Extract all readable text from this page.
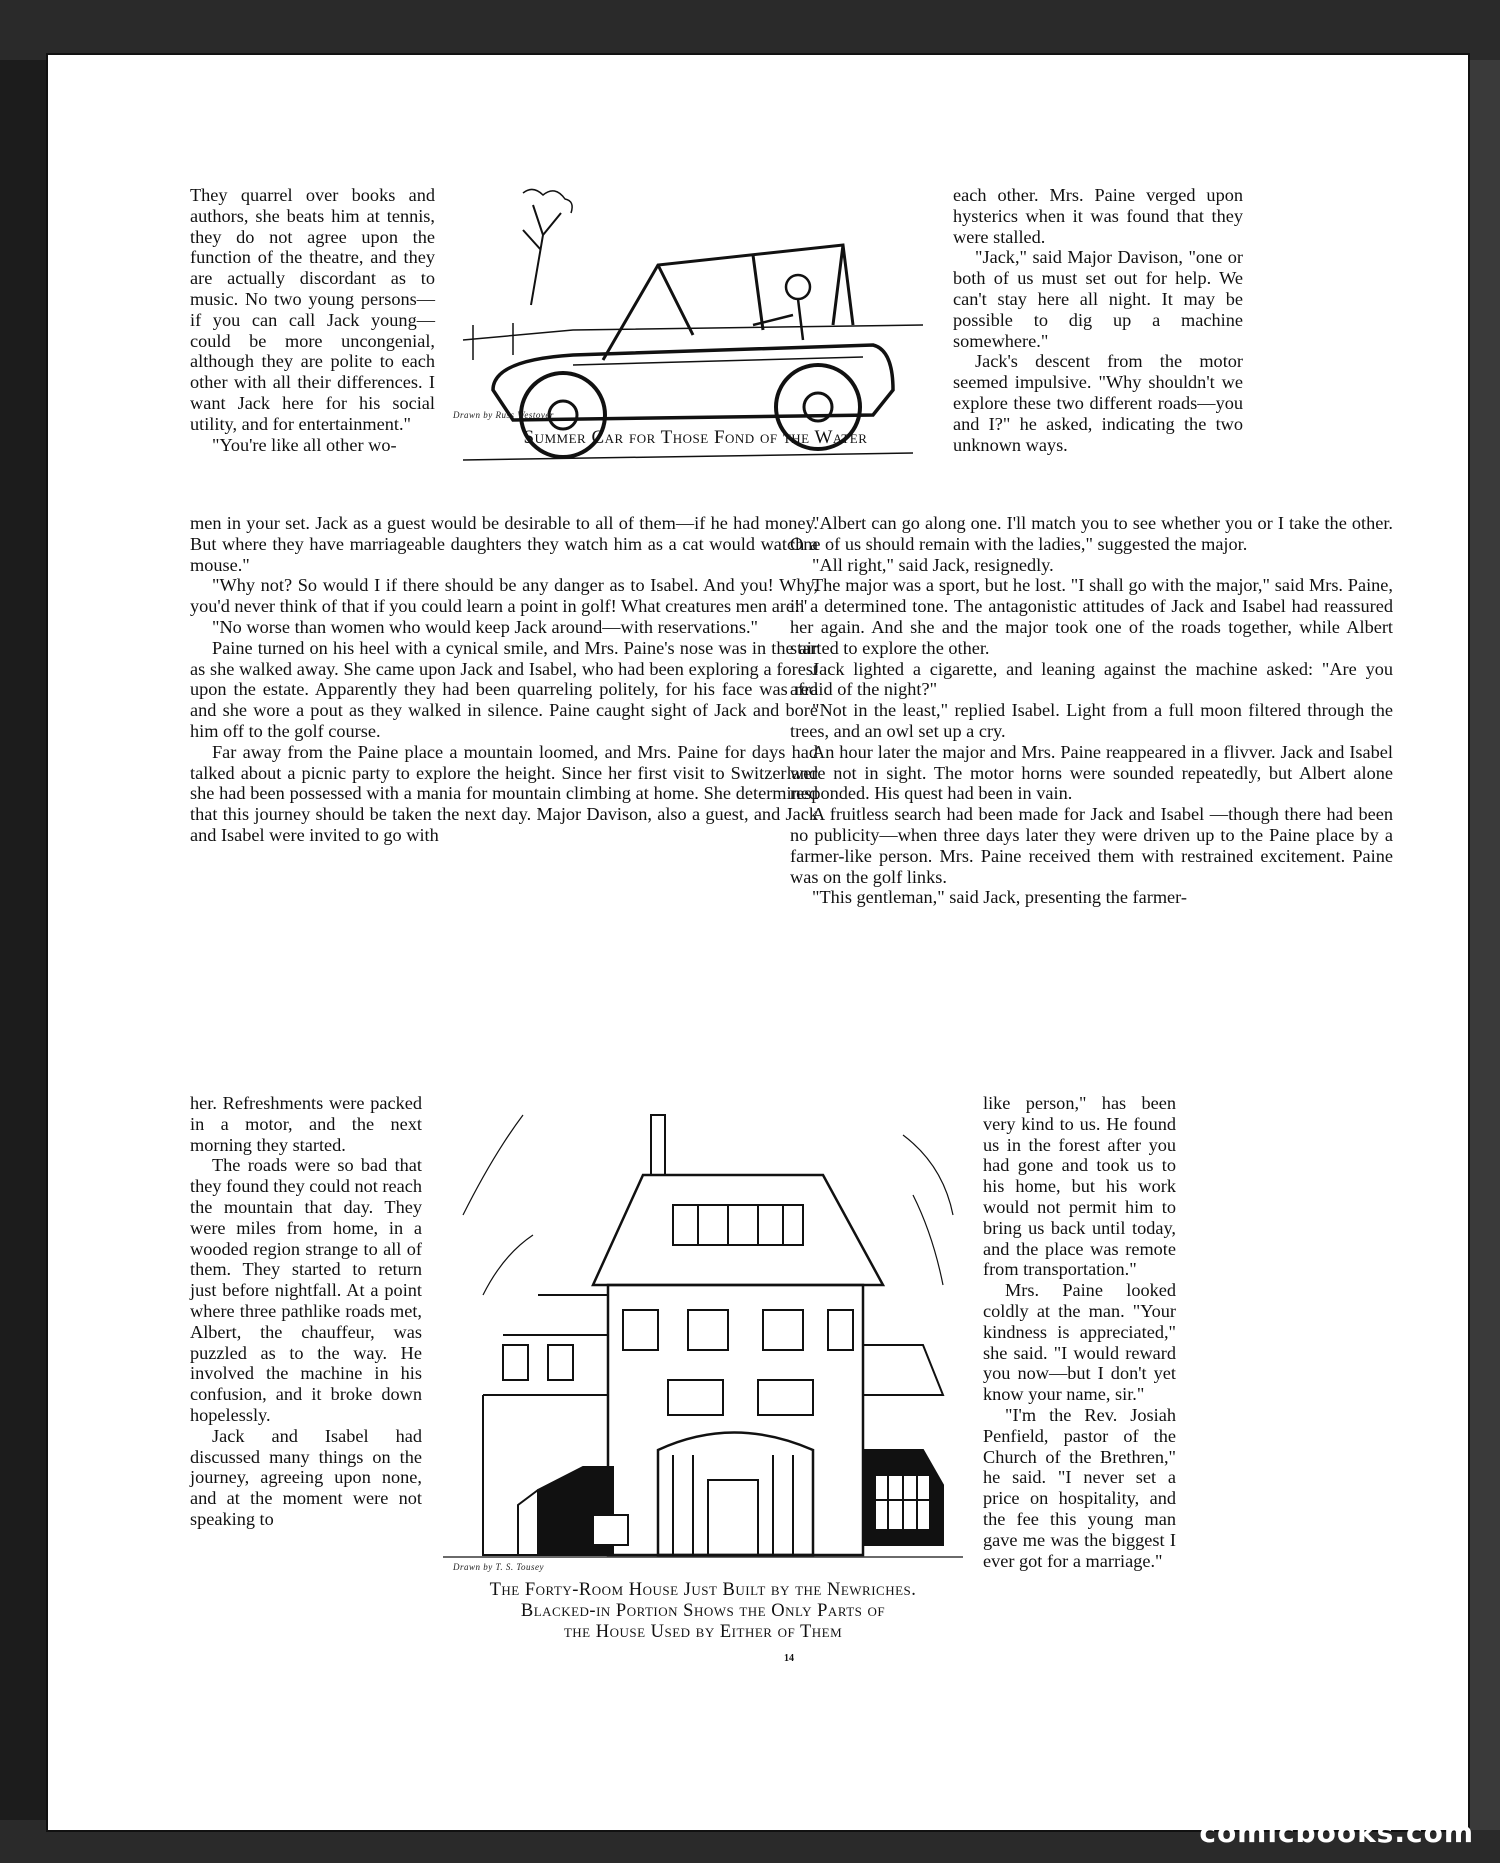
They quarrel over books and authors, she beats him at tennis, they do not agree upon the function of the theatre, and they are actually discordant as to music. No two young persons—if you can call Jack young—could be more uncongenial, although they are polite to each other with all their differences. I want Jack here for his social utility, and for entertainment."

"You're like all other wo-

Drawn by Russ Westover
Summer Car for Those Fond of the Water

each other. Mrs. Paine verged upon hysterics when it was found that they were stalled.

"Jack," said Major Davison, "one or both of us must set out for help. We can't stay here all night. It may be possible to dig up a machine somewhere."

Jack's descent from the motor seemed impulsive. "Why shouldn't we explore these two different roads—you and I?" he asked, indicating the two unknown ways.

men in your set. Jack as a guest would be desirable to all of them—if he had money. But where they have marriageable daughters they watch him as a cat would watch a mouse."

"Why not? So would I if there should be any danger as to Isabel. And you! Why, you'd never think of that if you could learn a point in golf! What creatures men are!"

"No worse than women who would keep Jack around—with reservations."

Paine turned on his heel with a cynical smile, and Mrs. Paine's nose was in the air as she walked away. She came upon Jack and Isabel, who had been exploring a forest upon the estate. Apparently they had been quarreling politely, for his face was red and she wore a pout as they walked in silence. Paine caught sight of Jack and bore him off to the golf course.

Far away from the Paine place a mountain loomed, and Mrs. Paine for days had talked about a picnic party to explore the height. Since her first visit to Switzerland she had been possessed with a mania for mountain climbing at home. She determined that this journey should be taken the next day. Major Davison, also a guest, and Jack and Isabel were invited to go with

"Albert can go along one. I'll match you to see whether you or I take the other. One of us should remain with the ladies," suggested the major.

"All right," said Jack, resignedly.

The major was a sport, but he lost. "I shall go with the major," said Mrs. Paine, in a determined tone. The antagonistic attitudes of Jack and Isabel had reassured her again. And she and the major took one of the roads together, while Albert started to explore the other.

Jack lighted a cigarette, and leaning against the machine asked: "Are you afraid of the night?"

"Not in the least," replied Isabel. Light from a full moon filtered through the trees, and an owl set up a cry.

An hour later the major and Mrs. Paine reappeared in a flivver. Jack and Isabel were not in sight. The motor horns were sounded repeatedly, but Albert alone responded. His quest had been in vain.

A fruitless search had been made for Jack and Isabel —though there had been no publicity—when three days later they were driven up to the Paine place by a farmer-like person. Mrs. Paine received them with restrained excitement. Paine was on the golf links.

"This gentleman," said Jack, presenting the farmer-

her. Refreshments were packed in a motor, and the next morning they started.

The roads were so bad that they found they could not reach the mountain that day. They were miles from home, in a wooded region strange to all of them. They started to return just before nightfall. At a point where three pathlike roads met, Albert, the chauffeur, was puzzled as to the way. He involved the machine in his confusion, and it broke down hopelessly.

Jack and Isabel had discussed many things on the journey, agreeing upon none, and at the moment were not speaking to

Drawn by T. S. Tousey
The Forty-Room House Just Built by the Newriches.
Blacked-in Portion Shows the Only Parts of
the House Used by Either of Them

like person," has been very kind to us. He found us in the forest after you had gone and took us to his home, but his work would not permit him to bring us back until today, and the place was remote from transportation."

Mrs. Paine looked coldly at the man. "Your kindness is appreciated," she said. "I would reward you now—but I don't yet know your name, sir."

"I'm the Rev. Josiah Penfield, pastor of the Church of the Brethren," he said. "I never set a price on hospitality, and the fee this young man gave me was the biggest I ever got for a marriage."

14
comicbooks.com
